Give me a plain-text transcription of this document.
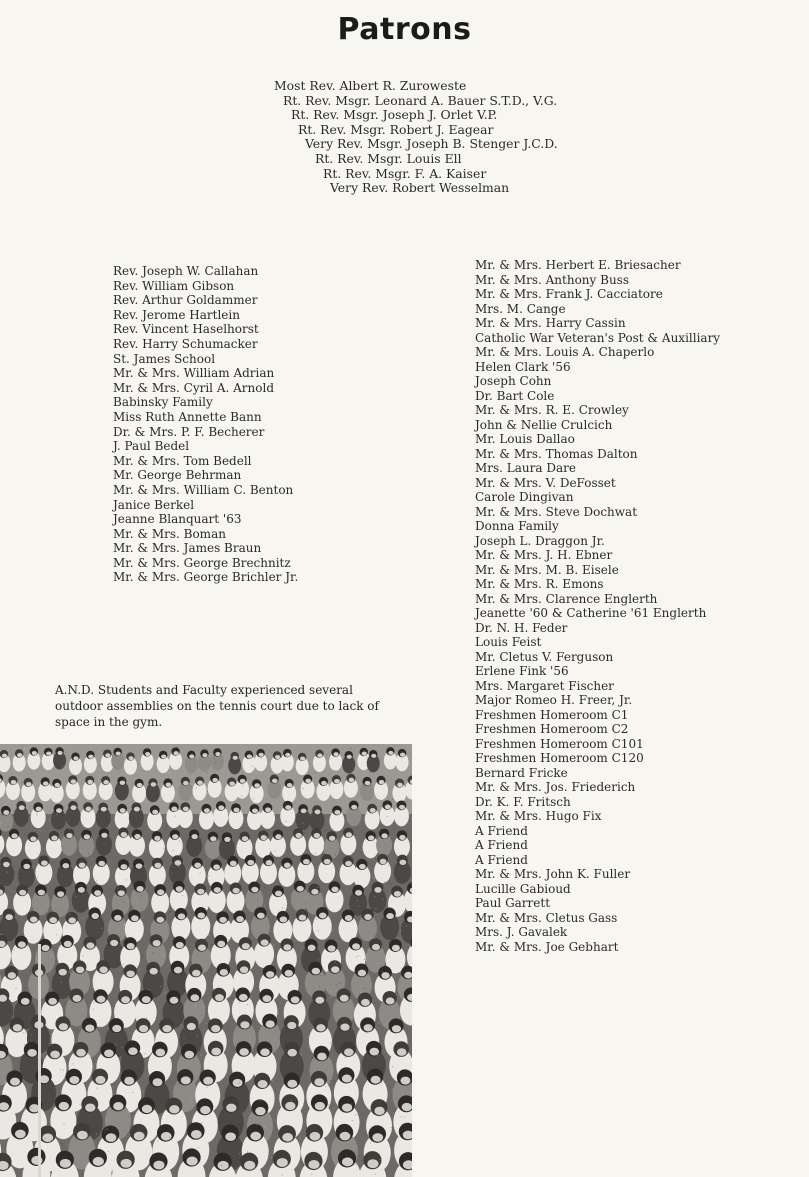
Patrons
Most Rev. Albert R. Zuroweste
Rt. Rev. Msgr. Leonard A. Bauer S.T.D., V.G.
Rt. Rev. Msgr. Joseph J. Orlet V.P.
Rt. Rev. Msgr. Robert J. Eagear
Very Rev. Msgr. Joseph B. Stenger J.C.D.
Rt. Rev. Msgr. Louis Ell
Rt. Rev. Msgr. F. A. Kaiser
Very Rev. Robert Wesselman
Rev. Joseph W. Callahan
Rev. William Gibson
Rev. Arthur Goldammer
Rev. Jerome Hartlein
Rev. Vincent Haselhorst
Rev. Harry Schumacker
St. James School
Mr. & Mrs. William Adrian
Mr. & Mrs. Cyril A. Arnold
Babinsky Family
Miss Ruth Annette Bann
Dr. & Mrs. P. F. Becherer
J. Paul Bedel
Mr. & Mrs. Tom Bedell
Mr. George Behrman
Mr. & Mrs. William C. Benton
Janice Berkel
Jeanne Blanquart '63
Mr. & Mrs. Boman
Mr. & Mrs. James Braun
Mr. & Mrs. George Brechnitz
Mr. & Mrs. George Brichler Jr.
Mr. & Mrs. Herbert E. Briesacher
Mr. & Mrs. Anthony Buss
Mr. & Mrs. Frank J. Cacciatore
Mrs. M. Cange
Mr. & Mrs. Harry Cassin
Catholic War Veteran's Post & Auxilliary
Mr. & Mrs. Louis A. Chaperlo
Helen Clark '56
Joseph Cohn
Dr. Bart Cole
Mr. & Mrs. R. E. Crowley
John & Nellie Crulcich
Mr. Louis Dallao
Mr. & Mrs. Thomas Dalton
Mrs. Laura Dare
Mr. & Mrs. V. DeFosset
Carole Dingivan
Mr. & Mrs. Steve Dochwat
Donna Family
Joseph L. Draggon Jr.
Mr. & Mrs. J. H. Ebner
Mr. & Mrs. M. B. Eisele
Mr. & Mrs. R. Emons
Mr. & Mrs. Clarence Englerth
Jeanette '60 & Catherine '61 Englerth
Dr. N. H. Feder
Louis Feist
Mr. Cletus V. Ferguson
Erlene Fink '56
Mrs. Margaret Fischer
Major Romeo H. Freer, Jr.
Freshmen Homeroom C1
Freshmen Homeroom C2
Freshmen Homeroom C101
Freshmen Homeroom C120
Bernard Fricke
Mr. & Mrs. Jos. Friederich
Dr. K. F. Fritsch
Mr. & Mrs. Hugo Fix
A Friend
A Friend
A Friend
Mr. & Mrs. John K. Fuller
Lucille Gabioud
Paul Garrett
Mr. & Mrs. Cletus Gass
Mrs. J. Gavalek
Mr. & Mrs. Joe Gebhart
A.N.D. Students and Faculty experienced several outdoor assemblies on the tennis court due to lack of space in the gym.
